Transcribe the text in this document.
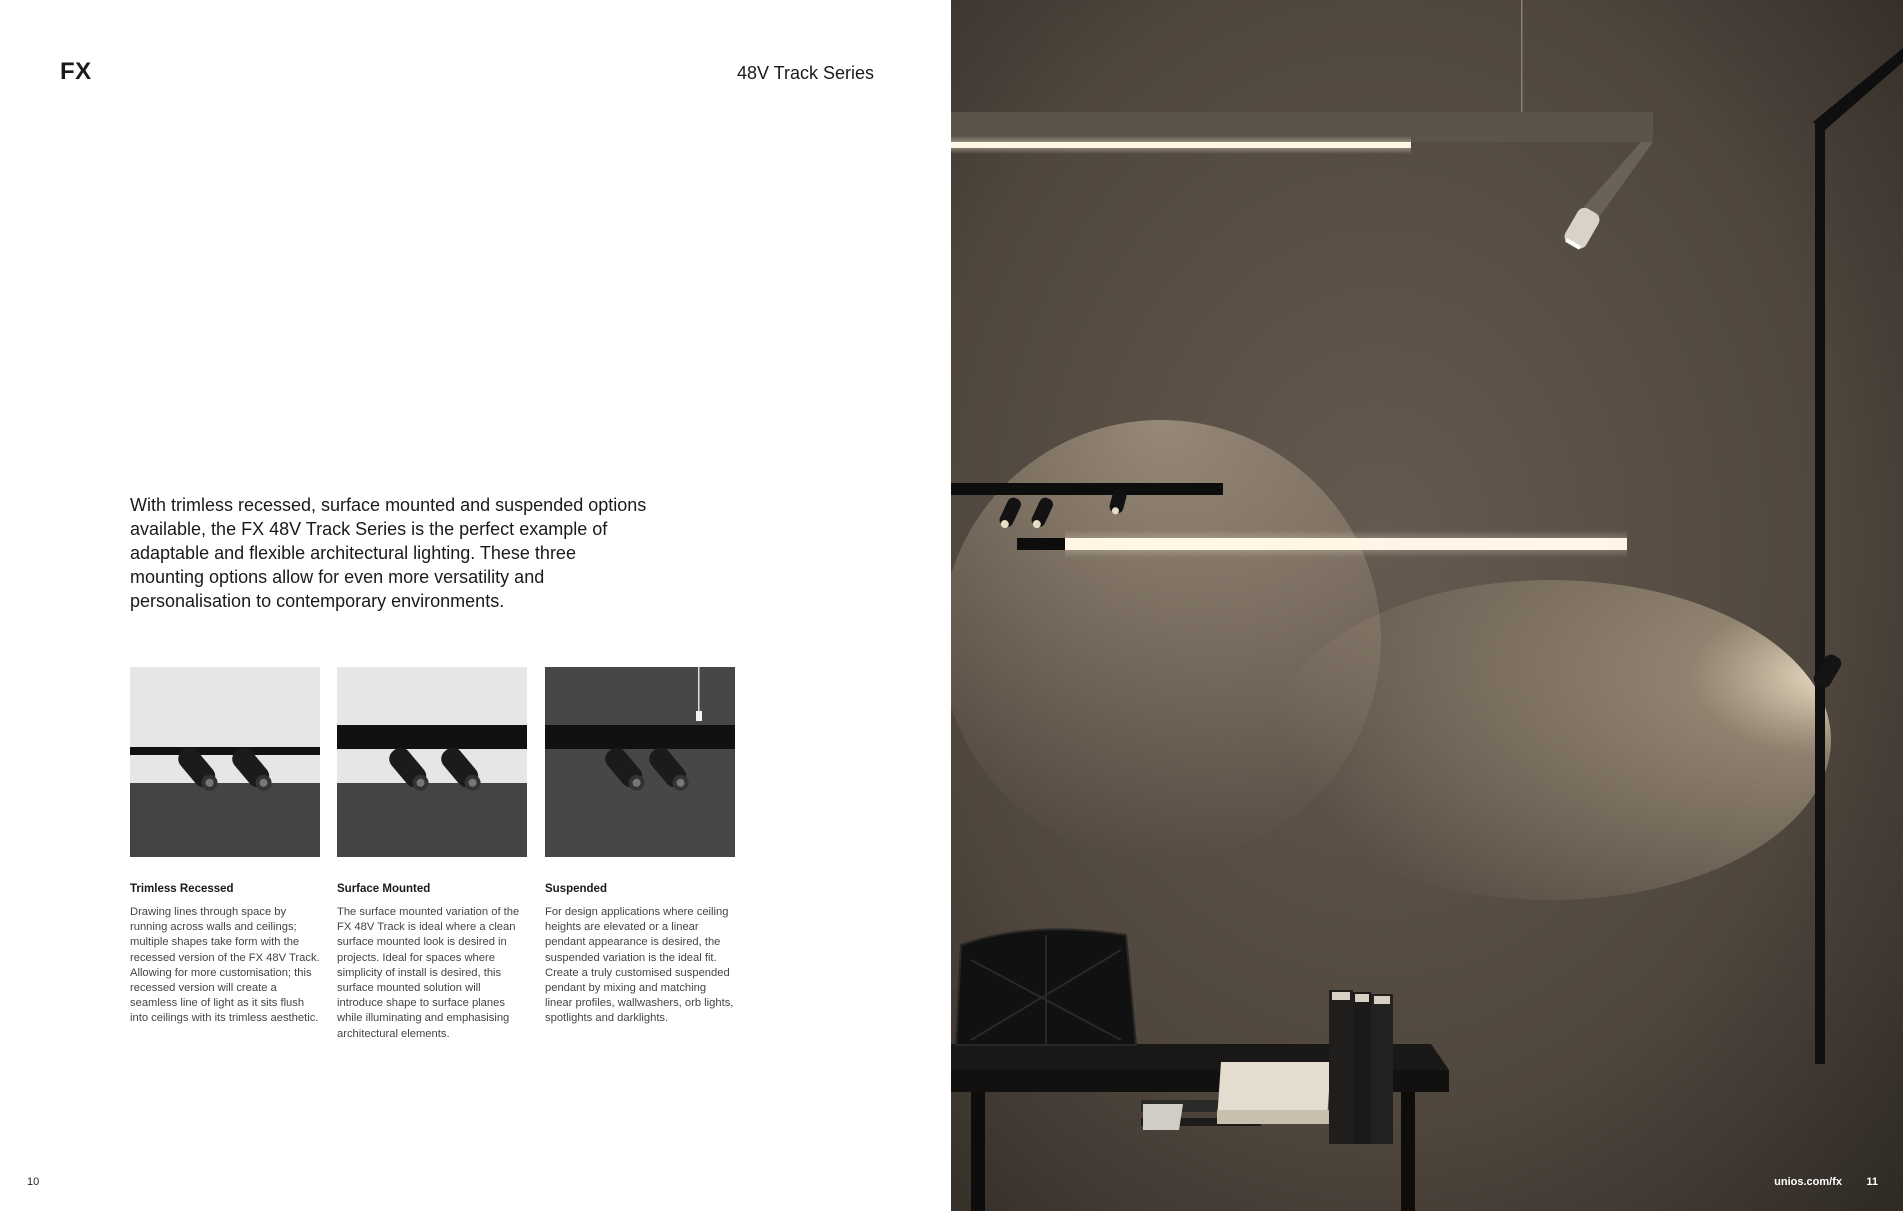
FX	48V Track Series

With trimless recessed, surface mounted and suspended options available, the FX 48V Track Series is the perfect example of adaptable and flexible architectural lighting. These three mounting options allow for even more versatility and personalisation to contemporary environments.

Trimless Recessed
Drawing lines through space by running across walls and ceilings; multiple shapes take form with the recessed version of the FX 48V Track. Allowing for more customisation; this recessed version will create a seamless line of light as it sits flush into ceilings with its trimless aesthetic.
Surface Mounted
The surface mounted variation of the FX 48V Track is ideal where a clean surface mounted look is desired in projects. Ideal for spaces where simplicity of install is desired, this surface mounted solution will introduce shape to surface planes while illuminating and emphasising architectural elements.
Suspended
For design applications where ceiling heights are elevated or a linear pendant appearance is desired, the suspended variation is the ideal fit. Create a truly customised suspended pendant by mixing and matching linear profiles, wallwashers, orb lights, spotlights and darklights.
10	unios.com/fx 11
